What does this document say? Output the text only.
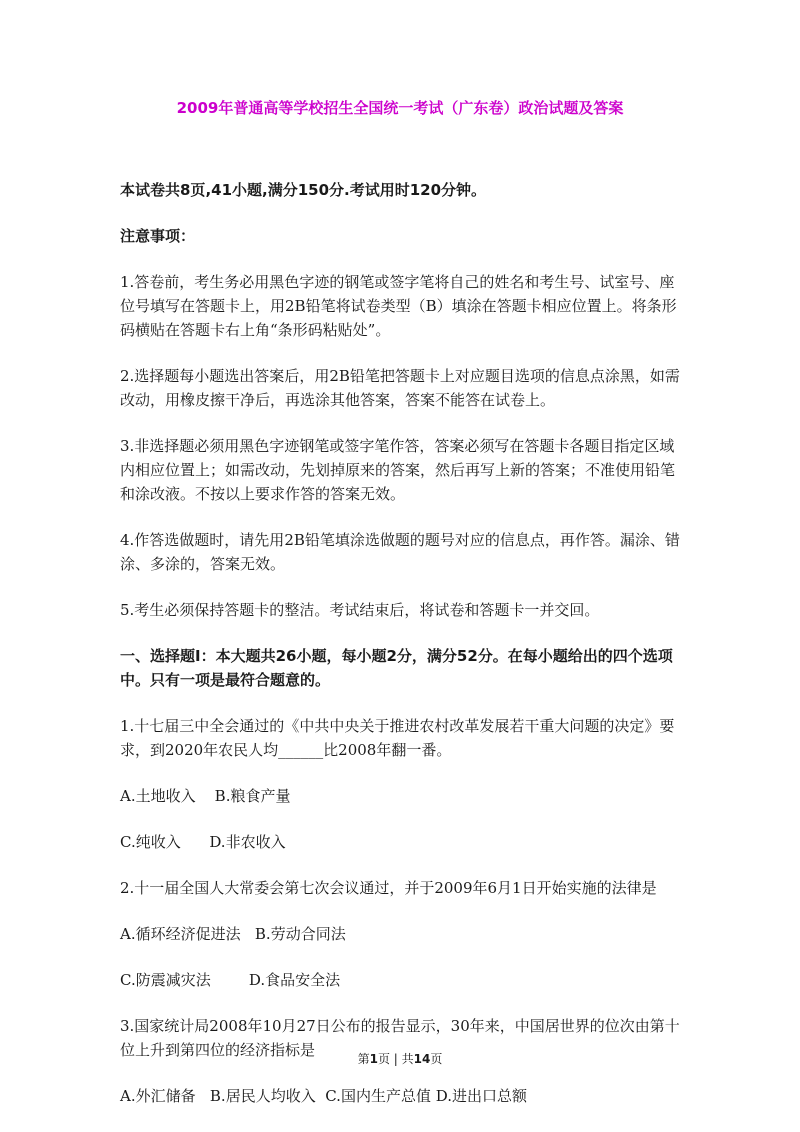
2009年普通高等学校招生全国统一考试（广东卷）政治试题及答案

本试卷共8页,41小题,满分150分.考试用时120分钟。

注意事项：

1.答卷前，考生务必用黑色字迹的钢笔或签字笔将自己的姓名和考生号、试室号、座位号填写在答题卡上，用2B铅笔将试卷类型（B）填涂在答题卡相应位置上。将条形码横贴在答题卡右上角“条形码粘贴处”。

2.选择题每小题选出答案后，用2B铅笔把答题卡上对应题目选项的信息点涂黑，如需改动，用橡皮擦干净后，再选涂其他答案，答案不能答在试卷上。

3.非选择题必须用黑色字迹钢笔或签字笔作答，答案必须写在答题卡各题目指定区域内相应位置上；如需改动，先划掉原来的答案，然后再写上新的答案；不准使用铅笔和涂改液。不按以上要求作答的答案无效。

4.作答选做题时，请先用2B铅笔填涂选做题的题号对应的信息点，再作答。漏涂、错涂、多涂的，答案无效。

5.考生必须保持答题卡的整洁。考试结束后，将试卷和答题卡一并交回。

一、选择题Ⅰ：本大题共26小题，每小题2分，满分52分。在每小题给出的四个选项中。只有一项是最符合题意的。

1.十七届三中全会通过的《中共中央关于推进农村改革发展若干重大问题的决定》要求，到2020年农民人均______比2008年翻一番。

A.土地收入    B.粮食产量

C.纯收入      D.非农收入

2.十一届全国人大常委会第七次会议通过，并于2009年6月1日开始实施的法律是

A.循环经济促进法   B.劳动合同法

C.防震减灾法        D.食品安全法

3.国家统计局2008年10月27日公布的报告显示，30年来，中国居世界的位次由第十位上升到第四位的经济指标是

A.外汇储备   B.居民人均收入  C.国内生产总值 D.进出口总额

第1页 | 共14页
